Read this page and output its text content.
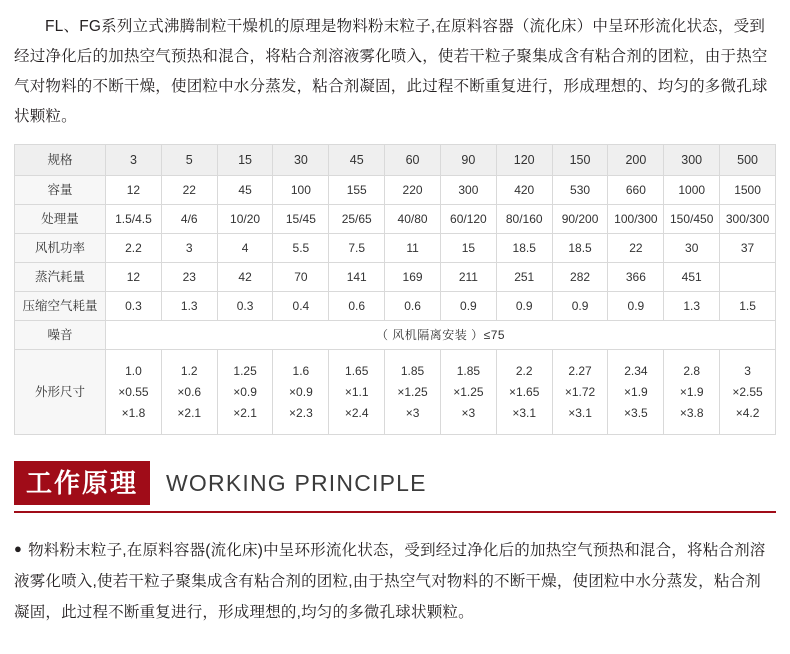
FL、FG系列立式沸腾制粒干燥机的原理是物料粉末粒子,在原料容器（流化床）中呈环形流化状态，受到经过净化后的加热空气预热和混合，将粘合剂溶液雾化喷入，使若干粒子聚集成含有粘合剂的团粒，由于热空气对物料的不断干燥，使团粒中水分蒸发，粘合剂凝固，此过程不断重复进行，形成理想的、均匀的多微孔球状颗粒。

规格	3	5	15	30	45	60	90	120	150	200	300	500
容量	12	22	45	100	155	220	300	420	530	660	1000	1500
处理量	1.5/4.5	4/6	10/20	15/45	25/65	40/80	60/120	80/160	90/200	100/300	150/450	300/300
风机功率	2.2	3	4	5.5	7.5	11	15	18.5	18.5	22	30	37
蒸汽耗量	12	23	42	70	141	169	211	251	282	366	451	
压缩空气耗量	0.3	1.3	0.3	0.4	0.6	0.6	0.9	0.9	0.9	0.9	1.3	1.5
噪音	（ 风机隔离安装 ）≤75											
外形尺寸	1.0
×0.55
×1.8	1.2
×0.6
×2.1	1.25
×0.9
×2.1	1.6
×0.9
×2.3	1.65
×1.1
×2.4	1.85
×1.25
×3	1.85
×1.25
×3	2.2
×1.65
×3.1	2.27
×1.72
×3.1	2.34
×1.9
×3.5	2.8
×1.9
×3.8	3
×2.55
×4.2
工作原理	WORKING PRINCIPLE

● 物料粉末粒子,在原料容器(流化床)中呈环形流化状态，受到经过净化后的加热空气预热和混合，将粘合剂溶液雾化喷入,使若干粒子聚集成含有粘合剂的团粒,由于热空气对物料的不断干燥，使团粒中水分蒸发，粘合剂凝固，此过程不断重复进行，形成理想的,均匀的多微孔球状颗粒。
